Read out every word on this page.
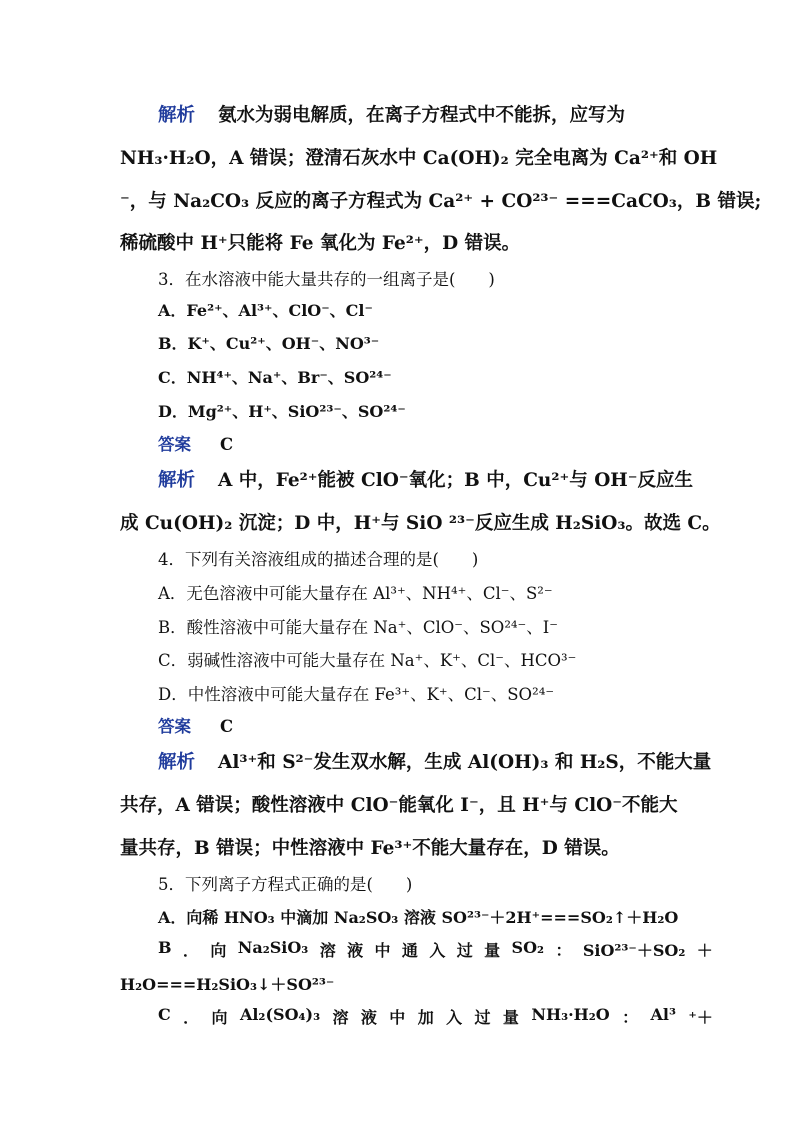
解析 氨水为弱电解质，在离子方程式中不能拆，应写为
NH₃·H₂O，A 错误；澄清石灰水中 Ca(OH)₂ 完全电离为 Ca²⁺和 OH
⁻，与 Na₂CO₃ 反应的离子方程式为 Ca²⁺ + CO²³⁻ ===CaCO₃，B 错误;
稀硫酸中 H⁺只能将 Fe 氧化为 Fe²⁺，D 错误。
3．在水溶液中能大量共存的一组离子是(　　)
A．Fe²⁺、Al³⁺、ClO⁻、Cl⁻
B．K⁺、Cu²⁺、OH⁻、NO³⁻
C．NH⁴⁺、Na⁺、Br⁻、SO²⁴⁻
D．Mg²⁺、H⁺、SiO²³⁻、SO²⁴⁻
答案 C
解析 A 中，Fe²⁺能被 ClO⁻氧化；B 中，Cu²⁺与 OH⁻反应生
成 Cu(OH)₂ 沉淀；D 中，H⁺与 SiO ²³⁻反应生成 H₂SiO₃。故选 C。
4．下列有关溶液组成的描述合理的是(　　)
A．无色溶液中可能大量存在 Al³⁺、NH⁴⁺、Cl⁻、S²⁻
B．酸性溶液中可能大量存在 Na⁺、ClO⁻、SO²⁴⁻、I⁻
C．弱碱性溶液中可能大量存在 Na⁺、K⁺、Cl⁻、HCO³⁻
D．中性溶液中可能大量存在 Fe³⁺、K⁺、Cl⁻、SO²⁴⁻
答案 C
解析 Al³⁺和 S²⁻发生双水解，生成 Al(OH)₃ 和 H₂S，不能大量
共存，A 错误；酸性溶液中 ClO⁻能氧化 I⁻，且 H⁺与 ClO⁻不能大
量共存，B 错误；中性溶液中 Fe³⁺不能大量存在，D 错误。
5．下列离子方程式正确的是(　　)
A．向稀 HNO₃ 中滴加 Na₂SO₃ 溶液 SO²³⁻＋2H⁺===SO₂↑＋H₂O
B ． 向 Na₂SiO₃ 溶 液 中 通 入 过 量 SO₂ ： SiO²³⁻＋SO₂ ＋
H₂O===H₂SiO₃↓＋SO²³⁻
C ． 向 Al₂(SO₄)₃ 溶 液 中 加 入 过 量 NH₃·H₂O ： Al³ ⁺＋
